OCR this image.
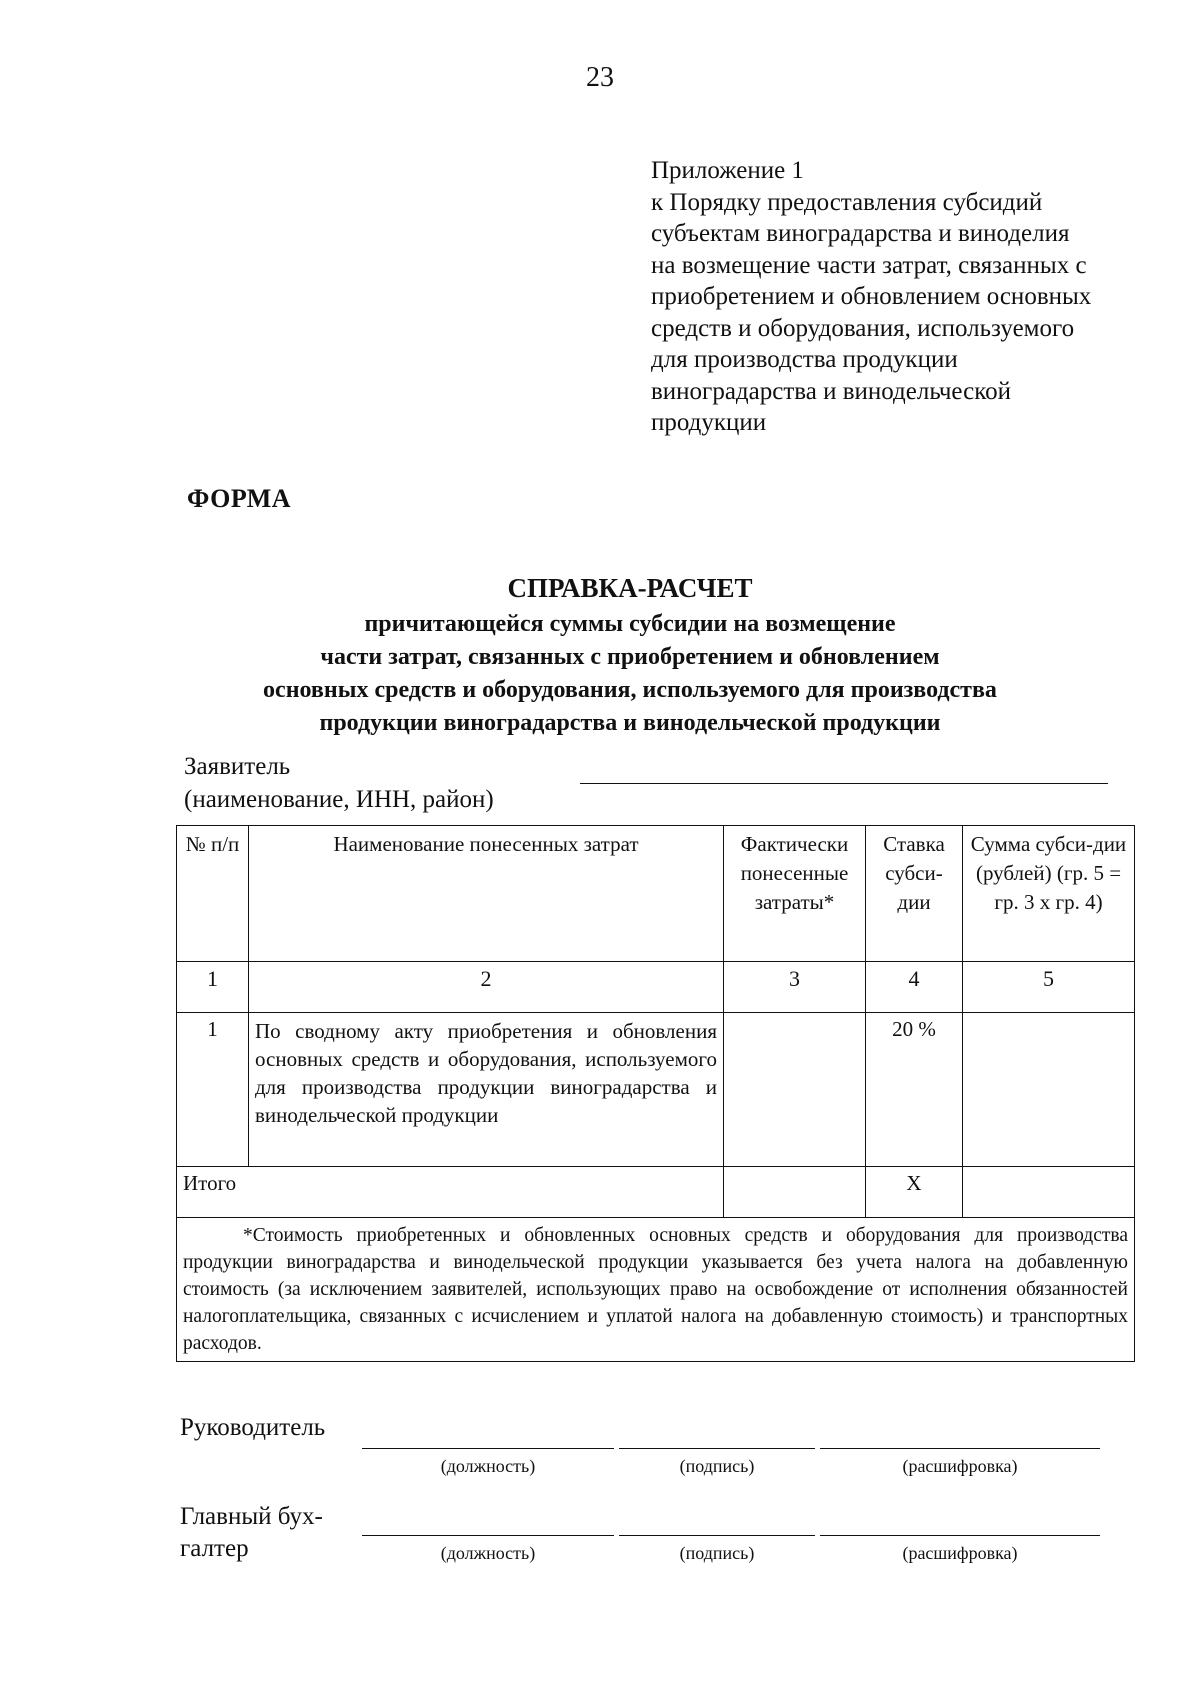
23
Приложение 1
к Порядку предоставления субсидий
субъектам виноградарства и виноделия
на возмещение части затрат, связанных с
приобретением и обновлением основных
средств и оборудования, используемого
для производства продукции
виноградарства и винодельческой
продукции
ФОРМА
СПРАВКА-РАСЧЕТ
причитающейся суммы субсидии на возмещение
части затрат, связанных с приобретением и обновлением
основных средств и оборудования, используемого для производства
продукции виноградарства и винодельческой продукции
Заявитель
(наименование, ИНН, район)
№ п/п	Наименование понесенных затрат	Фактически понесенные затраты*	Ставка субси-дии	Сумма субси-дии (рублей) (гр. 5 = гр. 3 х гр. 4)
1	2	3	4	5
1	По сводному акту приобретения и обновления основных средств и оборудования, используемого для производства продукции виноградарства и винодельческой продукции		20 %	
Итого			Х	

*Стоимость приобретенных и обновленных основных средств и оборудования для производства продукции виноградарства и винодельческой продукции указывается без учета налога на добавленную стоимость (за исключением заявителей, использующих право на освобождение от исполнения обязанностей налогоплательщика, связанных с исчислением и уплатой налога на добавленную стоимость) и транспортных расходов.				
Руководитель
(должность)	(подпись)	(расшифровка)
Главный бух-
галтер	(должность)	(подпись)	(расшифровка)
